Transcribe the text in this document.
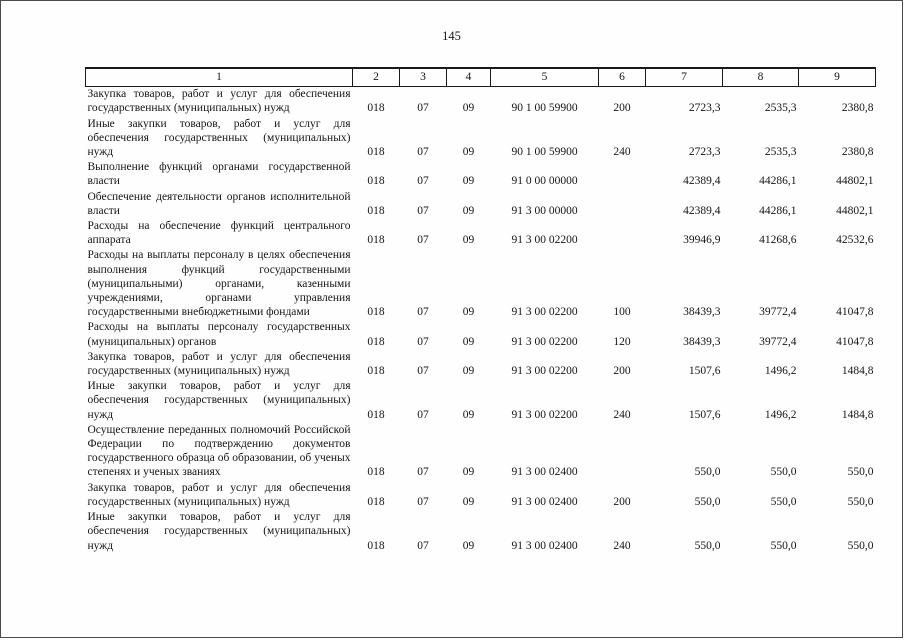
145
1	2	3	4	5	6	7	8	9
Закупка товаров, работ и услуг для обеспечения государственных (муниципальных) нужд	018	07	09	90 1 00 59900	200	2723,3	2535,3	2380,8
Иные закупки товаров, работ и услуг для обеспечения государственных (муниципальных) нужд	018	07	09	90 1 00 59900	240	2723,3	2535,3	2380,8
Выполнение функций органами государственной власти	018	07	09	91 0 00 00000		42389,4	44286,1	44802,1
Обеспечение деятельности органов исполнительной власти	018	07	09	91 3 00 00000		42389,4	44286,1	44802,1
Расходы на обеспечение функций центрального аппарата	018	07	09	91 3 00 02200		39946,9	41268,6	42532,6
Расходы на выплаты персоналу в целях обеспечения выполнения функций государственными (муниципальными) органами, казенными учреждениями, органами управления государственными внебюджетными фондами	018	07	09	91 3 00 02200	100	38439,3	39772,4	41047,8
Расходы на выплаты персоналу государственных (муниципальных) органов	018	07	09	91 3 00 02200	120	38439,3	39772,4	41047,8
Закупка товаров, работ и услуг для обеспечения государственных (муниципальных) нужд	018	07	09	91 3 00 02200	200	1507,6	1496,2	1484,8
Иные закупки товаров, работ и услуг для обеспечения государственных (муниципальных) нужд	018	07	09	91 3 00 02200	240	1507,6	1496,2	1484,8
Осуществление переданных полномочий Российской Федерации по подтверждению документов государственного образца об образовании, об ученых степенях и ученых званиях	018	07	09	91 3 00 02400		550,0	550,0	550,0
Закупка товаров, работ и услуг для обеспечения государственных (муниципальных) нужд	018	07	09	91 3 00 02400	200	550,0	550,0	550,0
Иные закупки товаров, работ и услуг для обеспечения государственных (муниципальных) нужд	018	07	09	91 3 00 02400	240	550,0	550,0	550,0
